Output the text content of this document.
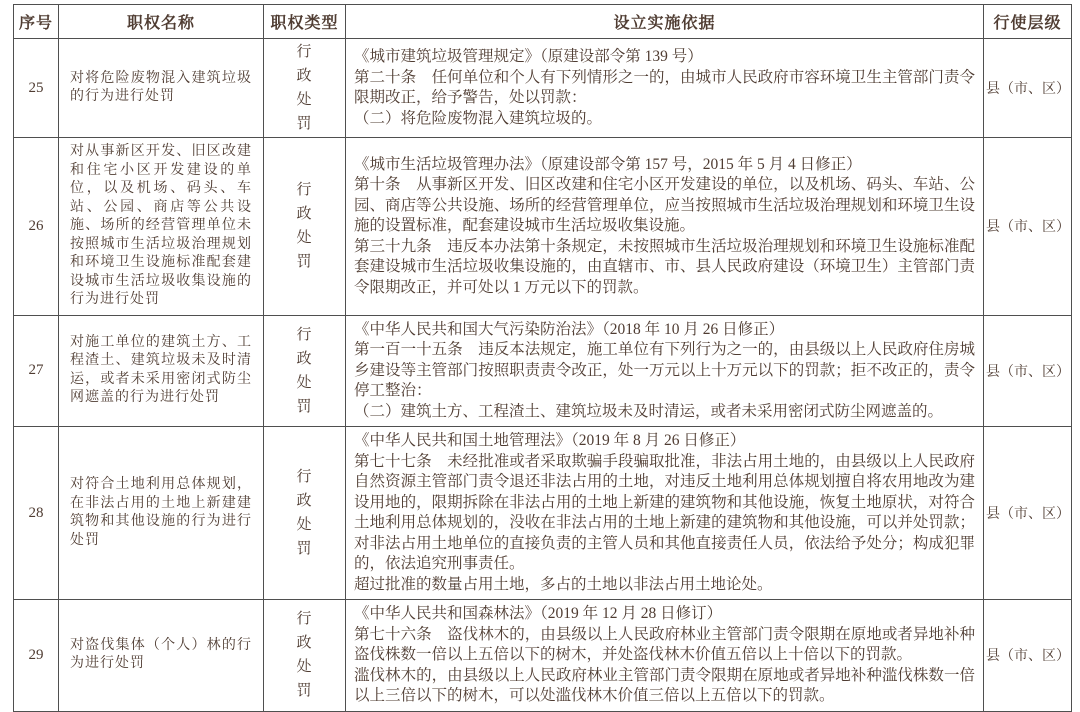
序号	职权名称	职权类型	设立实施依据	行使层级
25	对将危险废物混入建筑垃圾的行为进行处罚	行政处罚	《城市建筑垃圾管理规定》（原建设部令第 139 号）

第二十条　任何单位和个人有下列情形之一的，由城市人民政府市容环境卫生主管部门责令限期改正，给予警告，处以罚款：

（二）将危险废物混入建筑垃圾的。	县（市、区）
26	对从事新区开发、旧区改建和住宅小区开发建设的单位，以及机场、码头、车站、公园、商店等公共设施、场所的经营管理单位未按照城市生活垃圾治理规划和环境卫生设施标准配套建设城市生活垃圾收集设施的行为进行处罚	行政处罚	《城市生活垃圾管理办法》（原建设部令第 157 号，2015 年 5 月 4 日修正）

第十条　从事新区开发、旧区改建和住宅小区开发建设的单位，以及机场、码头、车站、公园、商店等公共设施、场所的经营管理单位，应当按照城市生活垃圾治理规划和环境卫生设施的设置标准，配套建设城市生活垃圾收集设施。

第三十九条　违反本办法第十条规定，未按照城市生活垃圾治理规划和环境卫生设施标准配套建设城市生活垃圾收集设施的，由直辖市、市、县人民政府建设（环境卫生）主管部门责令限期改正，并可处以 1 万元以下的罚款。	县（市、区）
27	对施工单位的建筑土方、工程渣土、建筑垃圾未及时清运，或者未采用密闭式防尘网遮盖的行为进行处罚	行政处罚	《中华人民共和国大气污染防治法》（2018 年 10 月 26 日修正）

第一百一十五条　违反本法规定，施工单位有下列行为之一的，由县级以上人民政府住房城乡建设等主管部门按照职责责令改正，处一万元以上十万元以下的罚款；拒不改正的，责令停工整治：

（二）建筑土方、工程渣土、建筑垃圾未及时清运，或者未采用密闭式防尘网遮盖的。	县（市、区）
28	对符合土地利用总体规划，在非法占用的土地上新建建筑物和其他设施的行为进行处罚	行政处罚	《中华人民共和国土地管理法》（2019 年 8 月 26 日修正）

第七十七条　未经批准或者采取欺骗手段骗取批准，非法占用土地的，由县级以上人民政府自然资源主管部门责令退还非法占用的土地，对违反土地利用总体规划擅自将农用地改为建设用地的，限期拆除在非法占用的土地上新建的建筑物和其他设施，恢复土地原状，对符合土地利用总体规划的，没收在非法占用的土地上新建的建筑物和其他设施，可以并处罚款；对非法占用土地单位的直接负责的主管人员和其他直接责任人员，依法给予处分；构成犯罪的，依法追究刑事责任。

超过批准的数量占用土地，多占的土地以非法占用土地论处。	县（市、区）
29	对盗伐集体（个人）林的行为进行处罚	行政处罚	《中华人民共和国森林法》（2019 年 12 月 28 日修订）

第七十六条　盗伐林木的，由县级以上人民政府林业主管部门责令限期在原地或者异地补种盗伐株数一倍以上五倍以下的树木，并处盗伐林木价值五倍以上十倍以下的罚款。

滥伐林木的，由县级以上人民政府林业主管部门责令限期在原地或者异地补种滥伐株数一倍以上三倍以下的树木，可以处滥伐林木价值三倍以上五倍以下的罚款。	县（市、区）
